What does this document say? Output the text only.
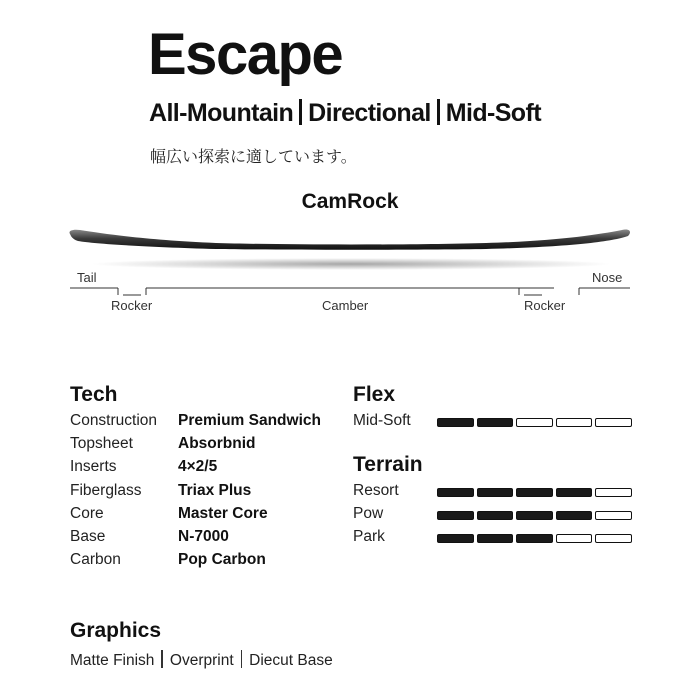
Escape
All-Mountain Directional Mid-Soft
幅広い探索に適しています。
CamRock
Tail	Nose
Rocker	Camber	Rocker
Tech
Construction Premium Sandwich
Topsheet	Absorbnid
Inserts	4×2/5
Fiberglass Triax Plus
Core	Master Core
Base	N-7000
Carbon	Pop Carbon
Flex
Mid-Soft
Terrain
Resort
Pow
Park
Graphics
Matte Finish Overprint Diecut Base
